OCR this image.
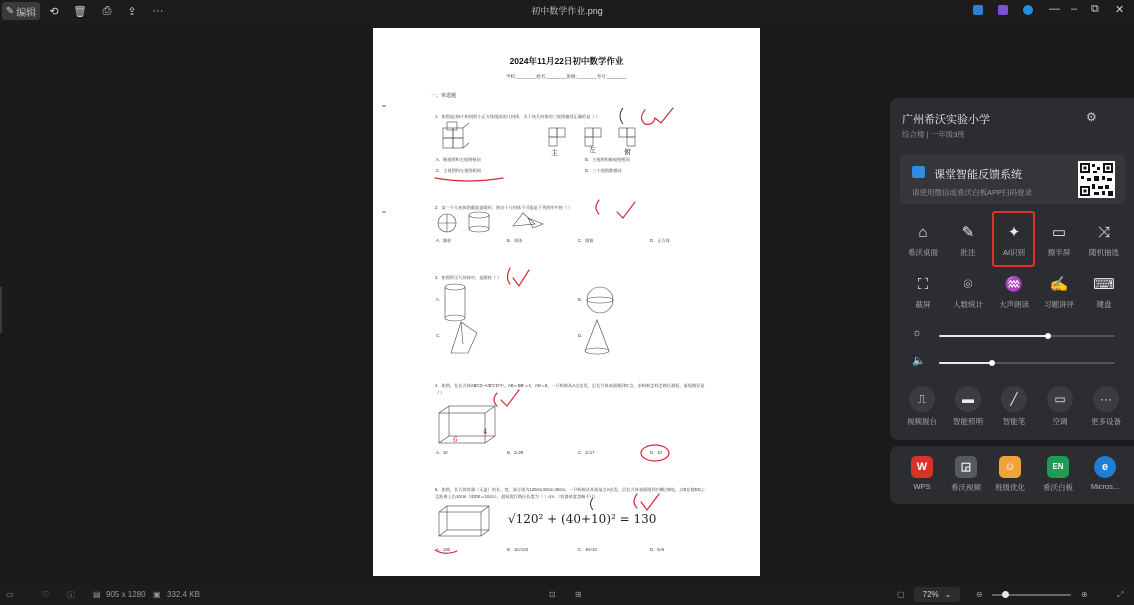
✎ 编辑 ⟲ 🗑 ⎙ ⇪ ···	初中数学作业.png	— – ⧉ ✕
2024年11月22日初中数学作业
学校:________姓名:________班级:________考号:________
一、单选题
1．如图是由5个相同的小正方体组成的几何体，关于该几何体的三视图描述正确的是（ ）
A．俯视图和左视图相同	B．主视图和俯视图相同
C．主视图和左视图相同	D．三个视图都相同
主	左	俯
2．某一个几何体的截面是圆形，则这个几何体不可能是下列图形中的（ ）
A．圆柱	B．球体	C．圆锥	D．正方体
3．如图所示几何体中，是圆柱（ ）
A．	B．
C．	D．
4．如图，在长方体ABCD−A′B′C′D′中，AB＝BB′＝4，AD＝6，一只蚂蚁从A点出发，沿长方体表面爬到C′点，求蚂蚁怎样走路径最短，最短路径是（ ）
A．10	B．2√29	C．2√17	D．10
6
4
5．如图，长方体容器（无盖）的长、宽、高分别为120cm,50cm,40cm，一只蚂蚁从外部某点A出发，沿长方体表面爬到内侧点B处，点B在棱DG上且距离上沿10cm（即DE＝10cm），最短爬行路径长度为（ ）cm．（容器厚度忽略不计）
√120² + (40+10)² = 130
A．130	B．10√133	C．40√10	D．6√5
▭	♡ ⓘ ▤ 905 x 1280 ▣ 332.4 KB	⊡ ⊞	▢ 72% ⌄	⊖	⊕	⤢
广州希沃实验小学
综合楼 | 一年级3班
⚙
课堂智能反馈系统
请使用微信或希沃白板APP扫码登录
⌂
希沃桌面
✎
批注
✦
AI识别
▭
擦半屏
⤨
随机抽选
⛶
截屏
⌾
人数统计
♒
大声朗读
✍
习题讲评
⌨
键盘
☼
🔈
⎍
视频展台
▬
智能照明
╱
智能笔
▭
空调
···
更多设备
W
WPS
◲
希沃视频
☺
班级优化
EN
希沃白板
e
Micros...
